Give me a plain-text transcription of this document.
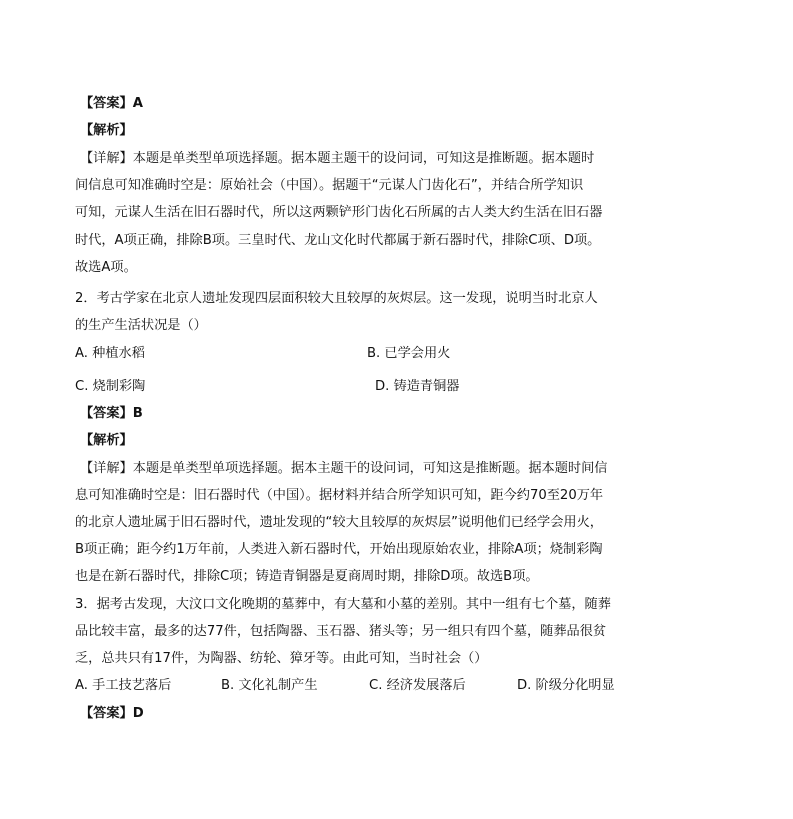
【答案】A
【解析】
【详解】本题是单类型单项选择题。据本题主题干的设问词，可知这是推断题。据本题时
间信息可知准确时空是：原始社会（中国）。据题干“元谋人门齿化石”，并结合所学知识
可知，元谋人生活在旧石器时代，所以这两颗铲形门齿化石所属的古人类大约生活在旧石器
时代，A项正确，排除B项。三皇时代、龙山文化时代都属于新石器时代，排除C项、D项。
故选A项。
2．考古学家在北京人遗址发现四层面积较大且较厚的灰烬层。这一发现，说明当时北京人
的生产生活状况是（）
A. 种植水稻	B. 已学会用火
C. 烧制彩陶	D. 铸造青铜器
【答案】B
【解析】
【详解】本题是单类型单项选择题。据本主题干的设问词，可知这是推断题。据本题时间信
息可知准确时空是：旧石器时代（中国）。据材料并结合所学知识可知，距今约70至20万年
的北京人遗址属于旧石器时代，遗址发现的“较大且较厚的灰烬层”说明他们已经学会用火，
B项正确；距今约1万年前，人类进入新石器时代，开始出现原始农业，排除A项；烧制彩陶
也是在新石器时代，排除C项；铸造青铜器是夏商周时期，排除D项。故选B项。
3．据考古发现，大汶口文化晚期的墓葬中，有大墓和小墓的差别。其中一组有七个墓，随葬
品比较丰富，最多的达77件，包括陶器、玉石器、猪头等；另一组只有四个墓，随葬品很贫
乏，总共只有17件，为陶器、纺轮、獐牙等。由此可知，当时社会（）
A. 手工技艺落后	B. 文化礼制产生	C. 经济发展落后	D. 阶级分化明显
【答案】D
